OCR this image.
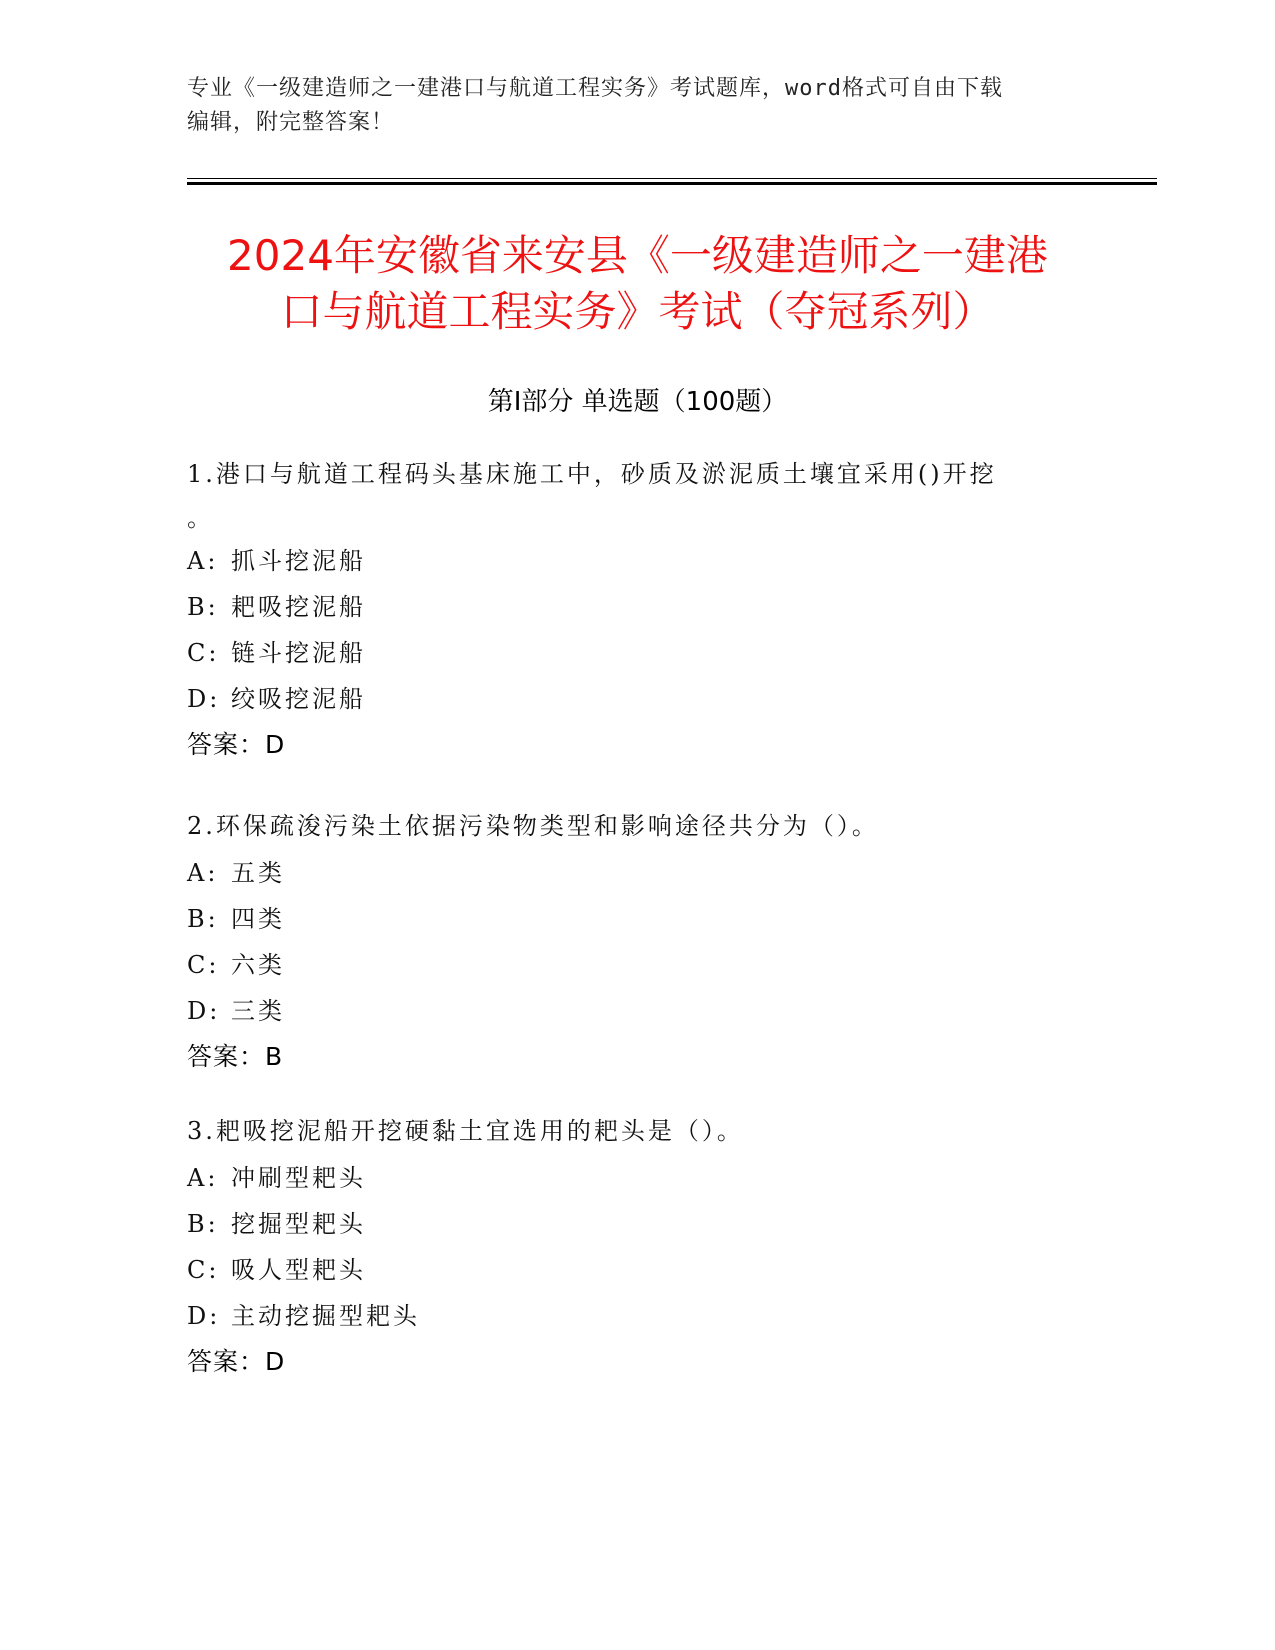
专业《一级建造师之一建港口与航道工程实务》考试题库，word格式可自由下载
编辑，附完整答案！
2024年安徽省来安县《一级建造师之一建港
口与航道工程实务》考试（夺冠系列）
第Ⅰ部分 单选题（100题）

1.港口与航道工程码头基床施工中，砂质及淤泥质土壤宜采用()开挖

。

A: 抓斗挖泥船

B: 耙吸挖泥船

C: 链斗挖泥船

D: 绞吸挖泥船

答案：D

2.环保疏浚污染土依据污染物类型和影响途径共分为（）。

A: 五类

B: 四类

C: 六类

D: 三类

答案：B

3.耙吸挖泥船开挖硬黏土宜选用的耙头是（）。

A: 冲刷型耙头

B: 挖掘型耙头

C: 吸人型耙头

D: 主动挖掘型耙头

答案：D
